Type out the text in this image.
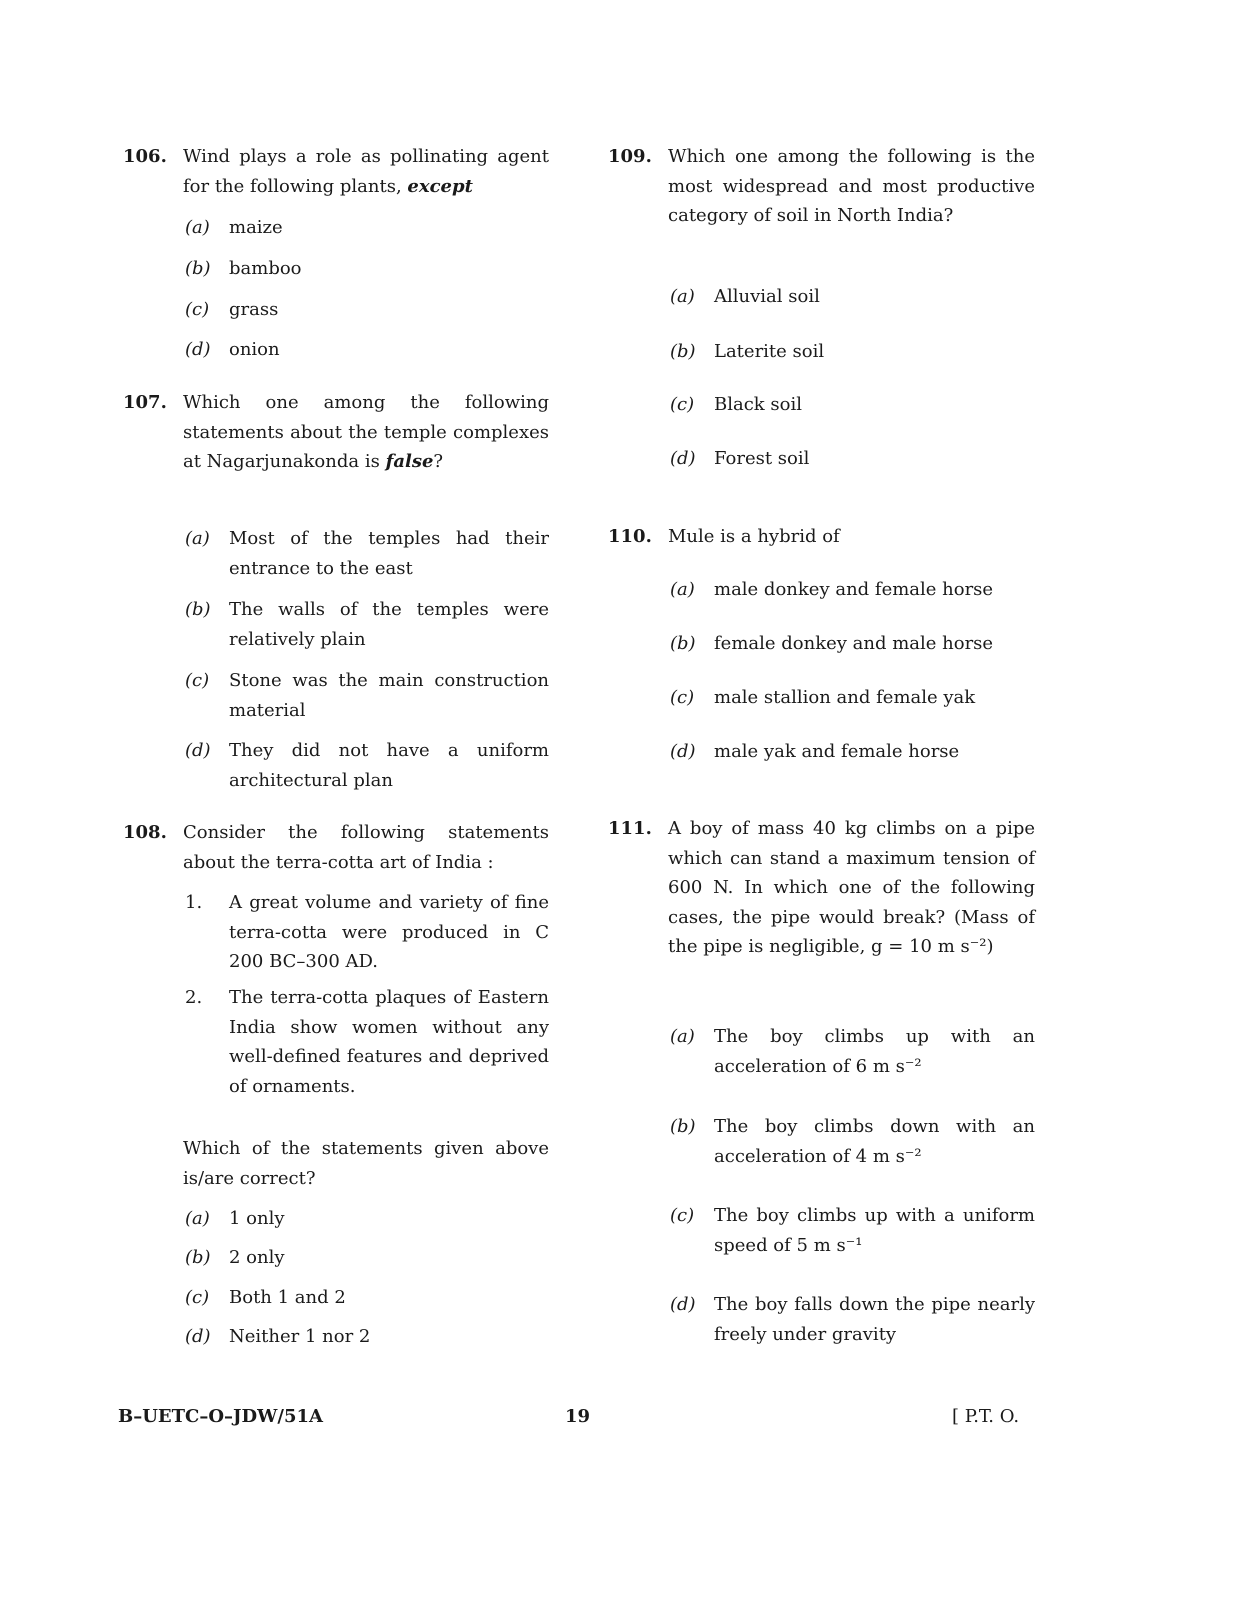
106. Wind plays a role as pollinating agent for the following plants, except
(a) maize
(b) bamboo
(c) grass
(d) onion
107. Which one among the following statements about the temple complexes at Nagarjunakonda is false?
(a) Most of the temples had their entrance to the east
(b) The walls of the temples were relatively plain
(c) Stone was the main construction material
(d) They did not have a uniform architectural plan
108. Consider the following statements about the terra-cotta art of India :
1. A great volume and variety of fine terra-cotta were produced in C 200 BC–300 AD.
2. The terra-cotta plaques of Eastern India show women without any well-defined features and deprived of ornaments.
Which of the statements given above is/are correct?
(a) 1 only
(b) 2 only
(c) Both 1 and 2
(d) Neither 1 nor 2
109. Which one among the following is the most widespread and most productive category of soil in North India?
(a) Alluvial soil
(b) Laterite soil
(c) Black soil
(d) Forest soil
110. Mule is a hybrid of
(a) male donkey and female horse
(b) female donkey and male horse
(c) male stallion and female yak
(d) male yak and female horse
111. A boy of mass 40 kg climbs on a pipe which can stand a maximum tension of 600 N. In which one of the following cases, the pipe would break? (Mass of the pipe is negligible, g = 10 m s⁻²)
(a) The boy climbs up with an acceleration of 6 m s⁻²
(b) The boy climbs down with an acceleration of 4 m s⁻²
(c) The boy climbs up with a uniform speed of 5 m s⁻¹
(d) The boy falls down the pipe nearly freely under gravity
B–UETC–O–JDW/51A	19	[ P.T. O.
